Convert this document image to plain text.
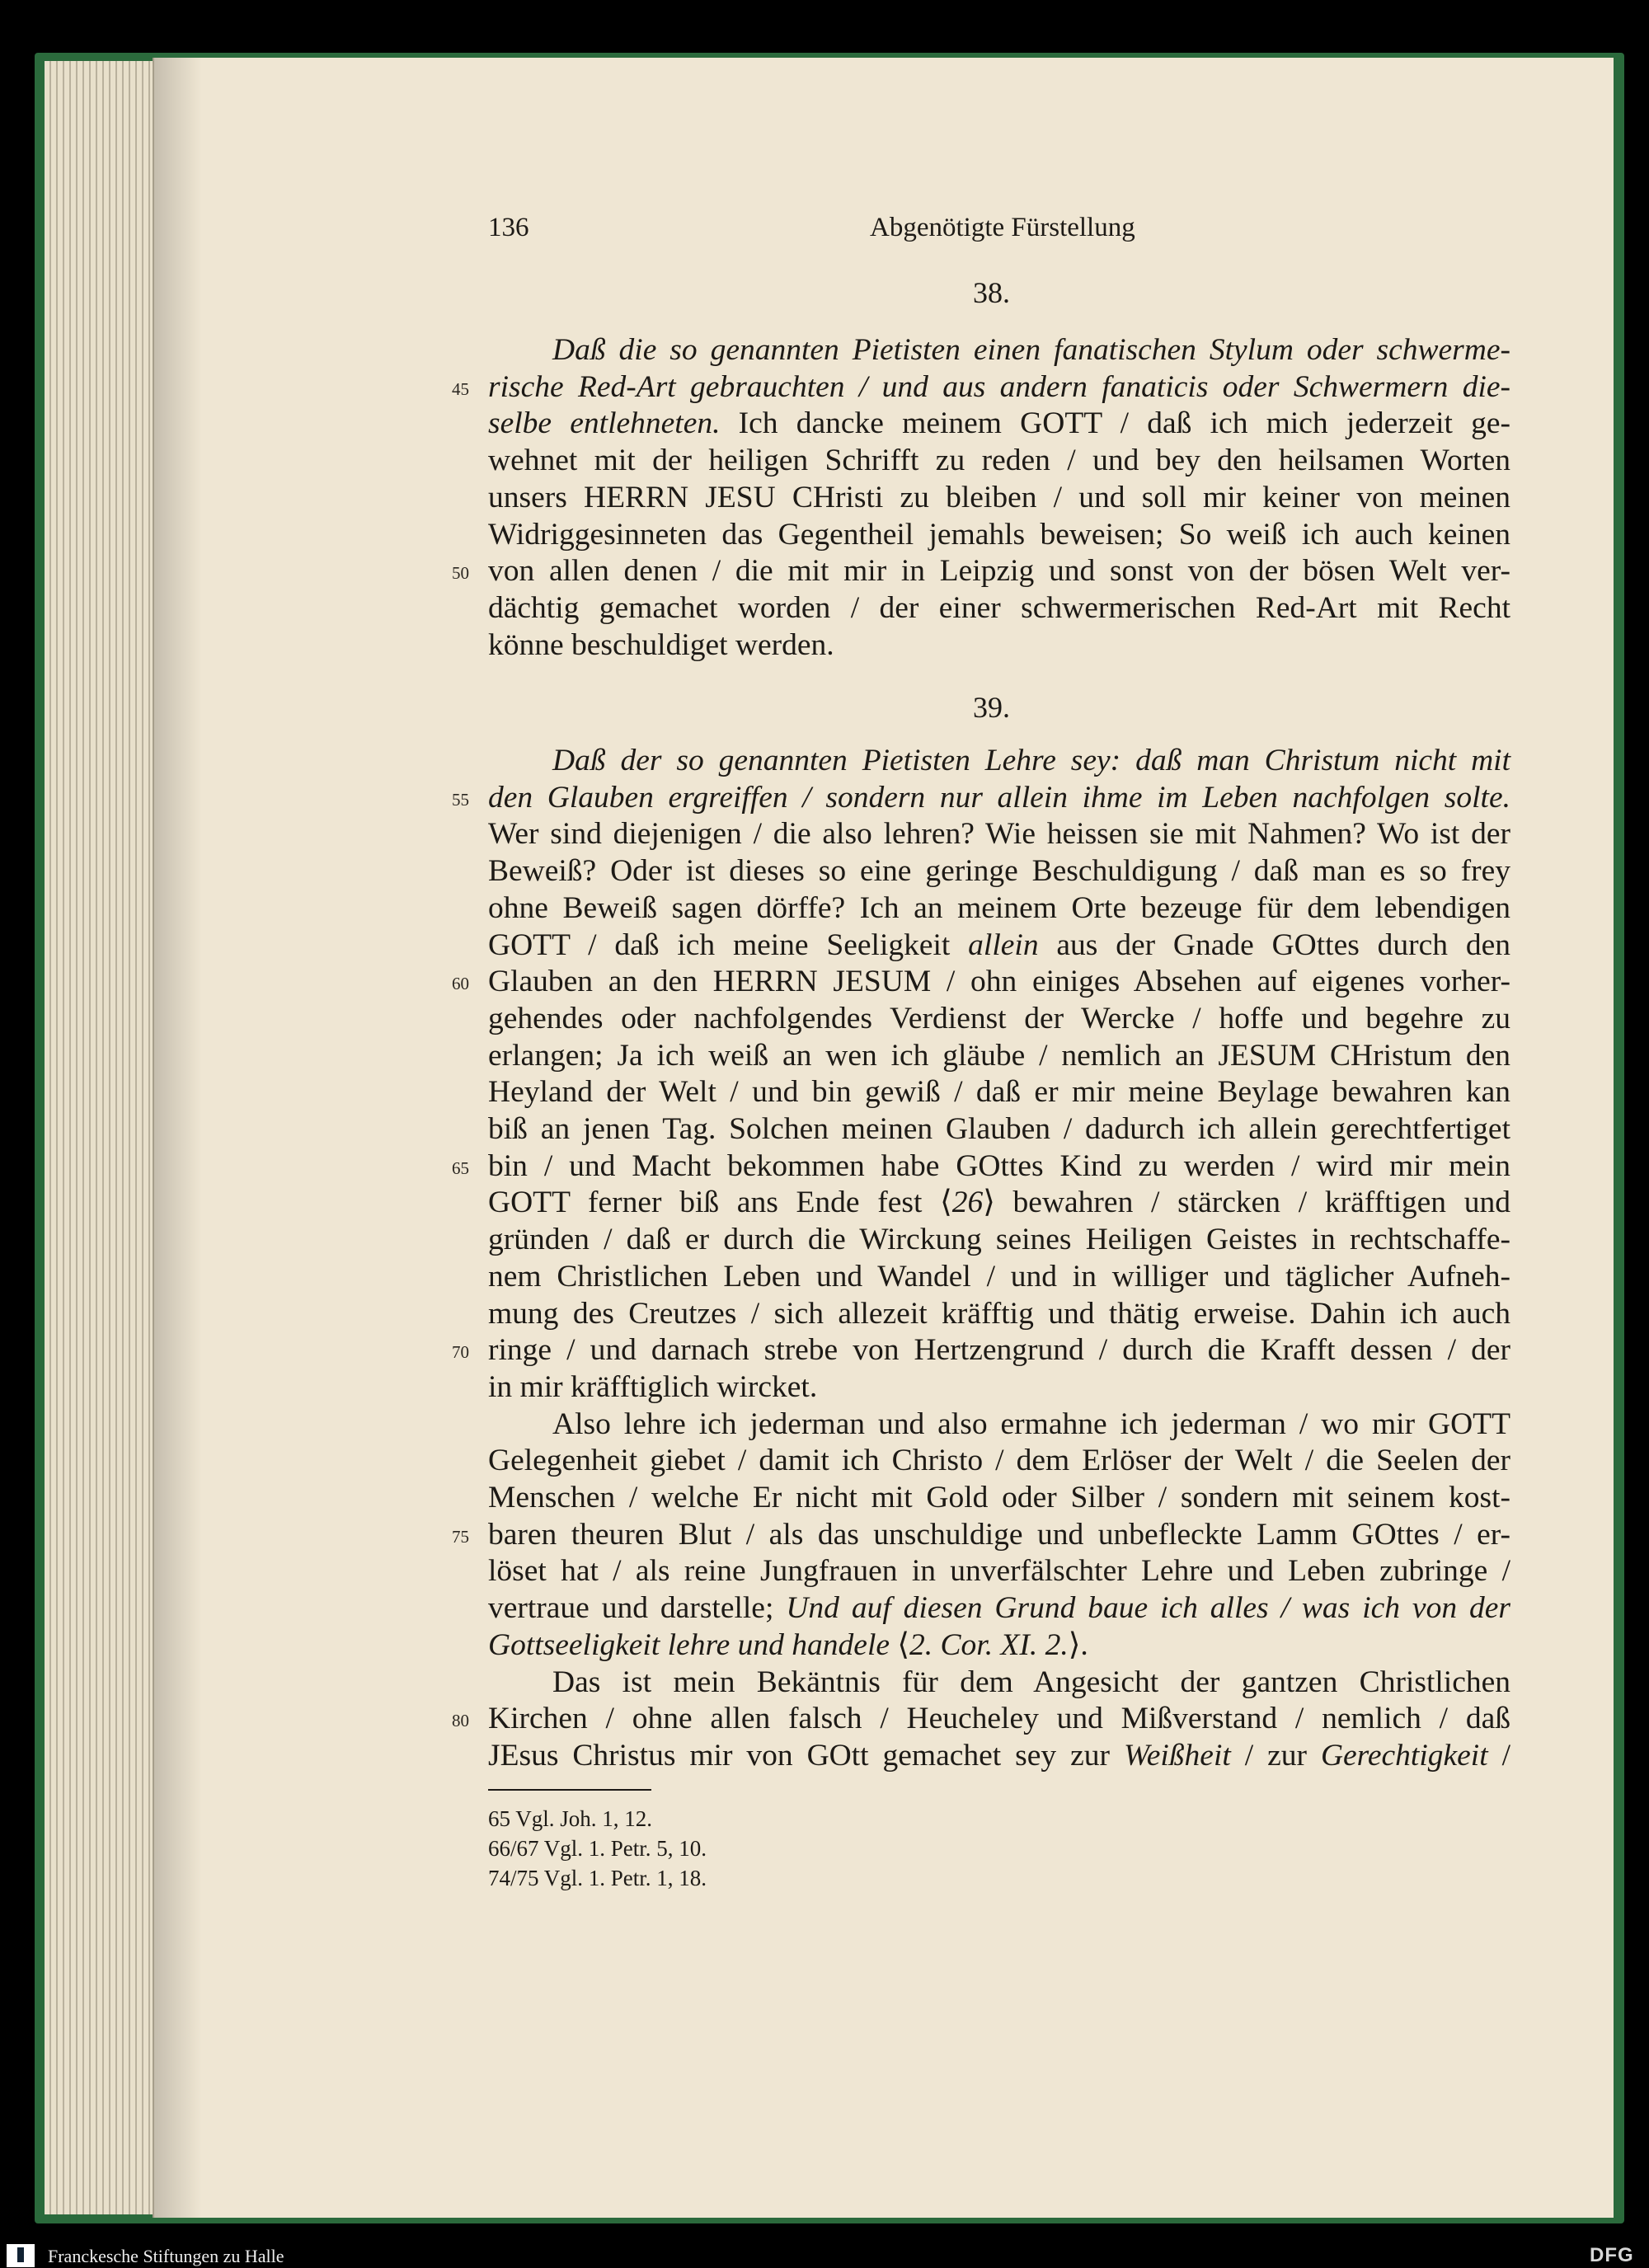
136	Abgenötigte Fürstellung
38.
39.
Daß die so genannten Pietisten einen fanatischen Stylum oder schwerme-
rische Red-Art gebrauchten / und aus andern fanaticis oder Schwermern die-
selbe entlehneten. Ich dancke meinem GOTT / daß ich mich jederzeit ge-
wehnet mit der heiligen Schrifft zu reden / und bey den heilsamen Worten
unsers HERRN JESU CHristi zu bleiben / und soll mir keiner von meinen
Widriggesinneten das Gegentheil jemahls beweisen; So weiß ich auch keinen
von allen denen / die mit mir in Leipzig und sonst von der bösen Welt ver-
dächtig gemachet worden / der einer schwermerischen Red-Art mit Recht
könne beschuldiget werden.
Daß der so genannten Pietisten Lehre sey: daß man Christum nicht mit
den Glauben ergreiffen / sondern nur allein ihme im Leben nachfolgen solte.
Wer sind diejenigen / die also lehren? Wie heissen sie mit Nahmen? Wo ist der
Beweiß? Oder ist dieses so eine geringe Beschuldigung / daß man es so frey
ohne Beweiß sagen dörffe? Ich an meinem Orte bezeuge für dem lebendigen
GOTT / daß ich meine Seeligkeit allein aus der Gnade GOttes durch den
Glauben an den HERRN JESUM / ohn einiges Absehen auf eigenes vorher-
gehendes oder nachfolgendes Verdienst der Wercke / hoffe und begehre zu
erlangen; Ja ich weiß an wen ich gläube / nemlich an JESUM CHristum den
Heyland der Welt / und bin gewiß / daß er mir meine Beylage bewahren kan
biß an jenen Tag. Solchen meinen Glauben / dadurch ich allein gerechtfertiget
bin / und Macht bekommen habe GOttes Kind zu werden / wird mir mein
GOTT ferner biß ans Ende fest ⟨26⟩ bewahren / stärcken / kräfftigen und
gründen / daß er durch die Wirckung seines Heiligen Geistes in rechtschaffe-
nem Christlichen Leben und Wandel / und in williger und täglicher Aufneh-
mung des Creutzes / sich allezeit kräfftig und thätig erweise. Dahin ich auch
ringe / und darnach strebe von Hertzengrund / durch die Krafft dessen / der
in mir kräfftiglich wircket.
Also lehre ich jederman und also ermahne ich jederman / wo mir GOTT
Gelegenheit giebet / damit ich Christo / dem Erlöser der Welt / die Seelen der
Menschen / welche Er nicht mit Gold oder Silber / sondern mit seinem kost-
baren theuren Blut / als das unschuldige und unbefleckte Lamm GOttes / er-
löset hat / als reine Jungfrauen in unverfälschter Lehre und Leben zubringe /
vertraue und darstelle; Und auf diesen Grund baue ich alles / was ich von der
Gottseeligkeit lehre und handele ⟨2. Cor. XI. 2.⟩.
Das ist mein Bekäntnis für dem Angesicht der gantzen Christlichen
Kirchen / ohne allen falsch / Heucheley und Mißverstand / nemlich / daß
JEsus Christus mir von GOtt gemachet sey zur Weißheit / zur Gerechtigkeit /
45
50
55
60
65
70
75
80
65 Vgl. Joh. 1, 12.
66/67 Vgl. 1. Petr. 5, 10.
74/75 Vgl. 1. Petr. 1, 18.
Franckesche Stiftungen zu Halle	DFG
